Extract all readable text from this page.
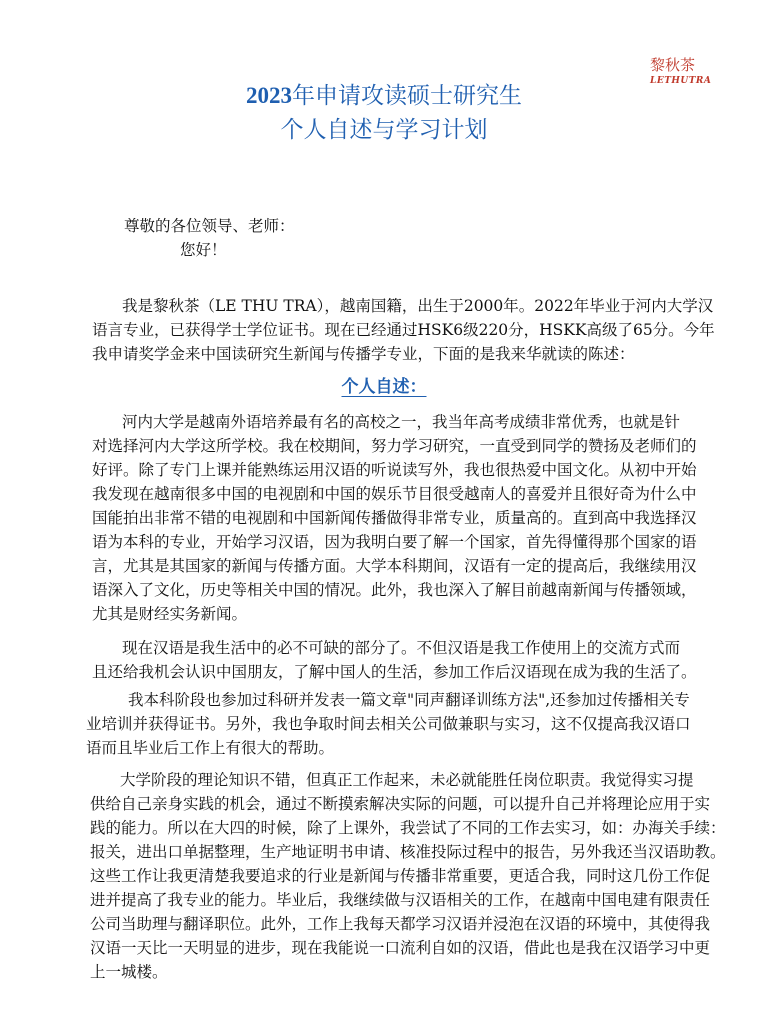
黎秋茶
LETHUTRA
2023年申请攻读硕士研究生
个人自述与学习计划
尊敬的各位领导、老师：
您好！
我是黎秋茶（LE THU TRA），越南国籍，出生于2000年。2022年毕业于河内大学汉
语言专业，已获得学士学位证书。现在已经通过HSK6级220分，HSKK高级了65分。今年
我申请奖学金来中国读研究生新闻与传播学专业，下面的是我来华就读的陈述：
个人自述：
河内大学是越南外语培养最有名的高校之一，我当年高考成绩非常优秀，也就是针
对选择河内大学这所学校。我在校期间，努力学习研究，一直受到同学的赞扬及老师们的
好评。除了专门上课并能熟练运用汉语的听说读写外，我也很热爱中国文化。从初中开始
我发现在越南很多中国的电视剧和中国的娱乐节目很受越南人的喜爱并且很好奇为什么中
国能拍出非常不错的电视剧和中国新闻传播做得非常专业，质量高的。直到高中我选择汉
语为本科的专业，开始学习汉语，因为我明白要了解一个国家，首先得懂得那个国家的语
言，尤其是其国家的新闻与传播方面。大学本科期间，汉语有一定的提高后，我继续用汉
语深入了文化，历史等相关中国的情况。此外，我也深入了解目前越南新闻与传播领域，
尤其是财经实务新闻。
现在汉语是我生活中的必不可缺的部分了。不但汉语是我工作使用上的交流方式而
且还给我机会认识中国朋友，了解中国人的生活，参加工作后汉语现在成为我的生活了。
我本科阶段也参加过科研并发表一篇文章"同声翻译训练方法",还参加过传播相关专
业培训并获得证书。另外，我也争取时间去相关公司做兼职与实习，这不仅提高我汉语口
语而且毕业后工作上有很大的帮助。
大学阶段的理论知识不错，但真正工作起来，未必就能胜任岗位职责。我觉得实习提
供给自己亲身实践的机会，通过不断摸索解决实际的问题，可以提升自己并将理论应用于实
践的能力。所以在大四的时候，除了上课外，我尝试了不同的工作去实习，如：办海关手续：
报关，进出口单据整理，生产地证明书申请、核准投际过程中的报告，另外我还当汉语助教。
这些工作让我更清楚我要追求的行业是新闻与传播非常重要，更适合我，同时这几份工作促
进并提高了我专业的能力。毕业后，我继续做与汉语相关的工作，在越南中国电建有限责任
公司当助理与翻译职位。此外，工作上我每天都学习汉语并浸泡在汉语的环境中，其使得我
汉语一天比一天明显的进步，现在我能说一口流利自如的汉语，借此也是我在汉语学习中更
上一城楼。
